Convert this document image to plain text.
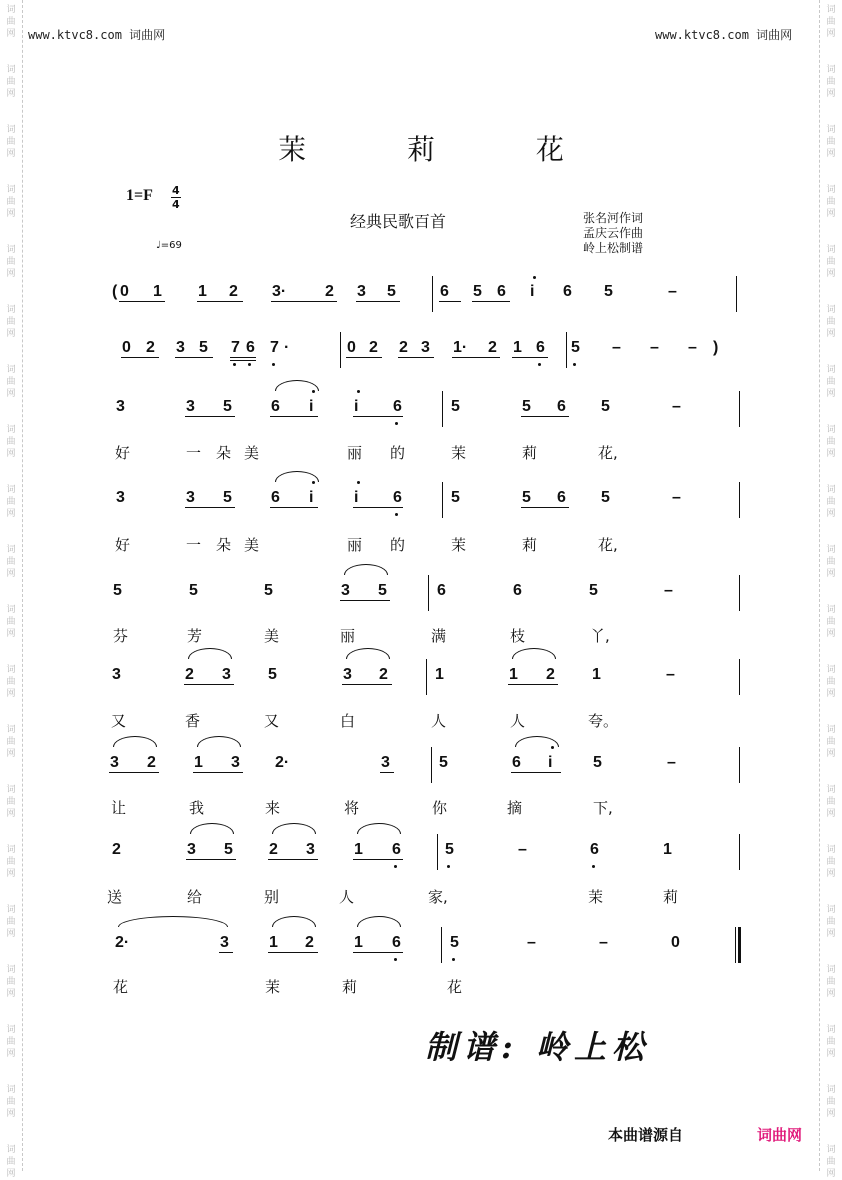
词
曲
网
词
曲
网
词
曲
网
词
曲
网
词
曲
网
词
曲
网
词
曲
网
词
曲
网
词
曲
网
词
曲
网
词
曲
网
词
曲
网
词
曲
网
词
曲
网
词
曲
网
词
曲
网
词
曲
网
词
曲
网
词
曲
网
词
曲
网
词
曲
网
词
曲
网
词
曲
网
词
曲
网
词
曲
网
词
曲
网
词
曲
网
词
曲
网
词
曲
网
词
曲
网
词
曲
网
词
曲
网
词
曲
网
词
曲
网
词
曲
网
词
曲
网
词
曲
网
词
曲
网
词
曲
网
词
曲
网
www.ktvc8.com 词曲网	www.ktvc8.com 词曲网
茉 莉 花
1=F 4
4
经典民歌百首	张名河作词
孟庆云作曲
岭上松制谱
♩=69
( 0 1 1 2 3· 2 3 5	6 5 6 i 6 5	–
0 2 3 5 7 6 7 ·	0 2 2 3 1· 2 1 6 5 – – – )
3	3 5 6 i	i 6	5	5 6 5	–
好	一 朵 美	丽 的	茉	莉	花,
3	3 5 6 i	i 6	5	5 6 5	–
好	一 朵 美	丽 的	茉	莉	花,
5	5	5	3 5	6	6	5	–
芬	芳	美	丽	满	枝	丫,
3	2 3 5	3 2	1	1 2 1	–
又	香	又	白	人	人	夸。
3 2 1 3 2·	3	5	6 i	5	–
让	我	来	将	你	摘	下,
2	3 5 2 3 1 6	5	–	6	1
送	给	别	人	家,	茉	莉
2·	3	1 2	1 6	5	–	–	0
花	茉	莉	花
制谱: 岭上松
本曲谱源自	词曲网
